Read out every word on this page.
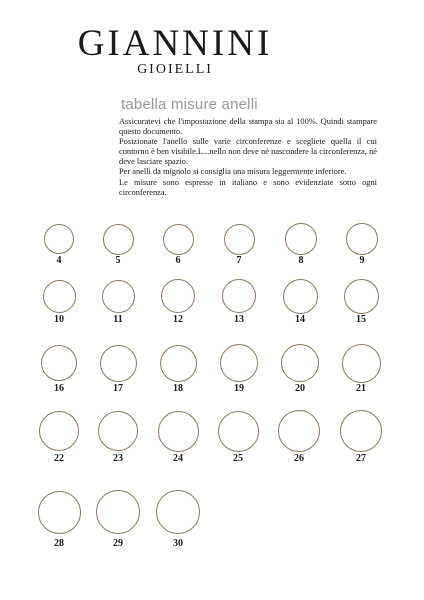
GIANNINI
GIOIELLI
tabella misure anelli

Assicuratevi che l'impostazione della stampa sia al 100%. Quindi stampare questo documento.

Posizionate l'anello sulle varie circonferenze e scegliete quella il cui contorno è ben visibile.L...nello non deve né nascondere la circonferenza, né deve lasciare spazio.

Per anelli da mignolo si consiglia una misura leggermente inferiore.

Le misure sono espresse in italiano e sono evidenziate sotto ogni circonferenza.

4	5	6	7	8	9
10	11	12	13	14	15
16	17	18	19	20	21
22	23	24	25	26	27
28	29	30
